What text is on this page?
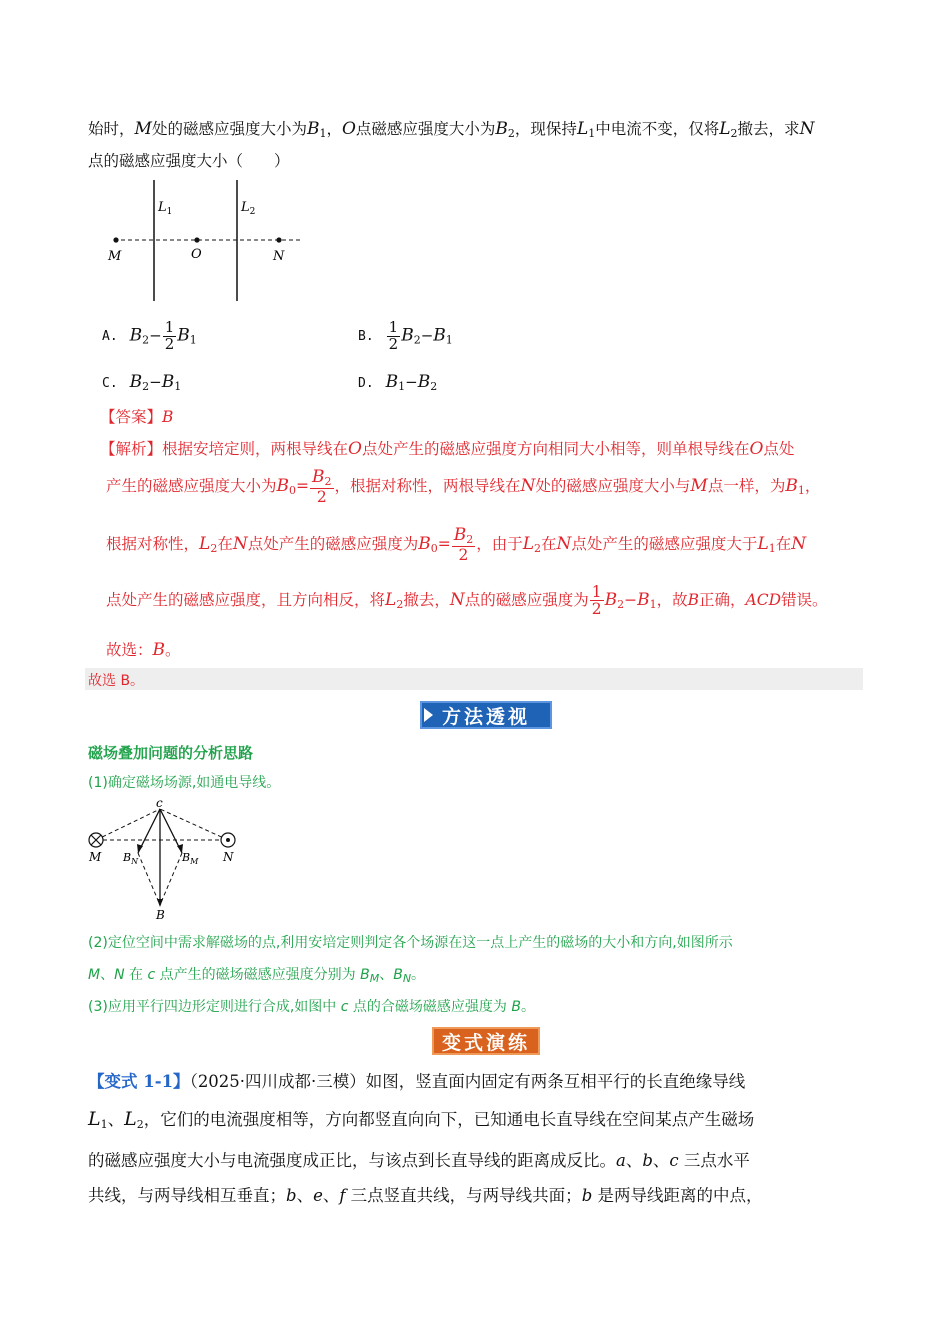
始时，M处的磁感应强度大小为$B_1$，O点磁感应强度大小为$B_2$，现保持$L_1$中电流不变，仅将$L_2$撤去，求N
点的磁感应强度大小（　　）
$L_1$	$L_2$
M	O	N
A. $B_2- \frac{1}{2} B_1$	B. $\frac{1}{2} B_2-B_1$
C. $B_2-B_1$	D. $B_1-B_2$
【答案】B
【解析】根据安培定则，两根导线在O点处产生的磁感应强度方向相同大小相等，则单根导线在O点处
产生的磁感应强度大小为$B_0= \frac{B_2}{2}$ ，根据对称性，两根导线在N处的磁感应强度大小与M点一样，为$B_1$，
根据对称性，$L_2$在N点处产生的磁感应强度为$B_0= \frac{B_2}{2}$ ，由于$L_2$在N点处产生的磁感应强度大于$L_1$在N
点处产生的磁感应强度，且方向相反，将$L_2$撤去，N点的磁感应强度为 $\frac{1}{2} B_2-B_1$，故B正确，ACD错误。
故选：B。
故选 B。
方法透视
磁场叠加问题的分析思路
(1)确定磁场场源,如通电导线。
c
M	N
$B_N$	$B_M$
B
(2)定位空间中需求解磁场的点,利用安培定则判定各个场源在这一点上产生的磁场的大小和方向,如图所示
M、N 在 c 点产生的磁场磁感应强度分别为 $B_M$、$B_N$。
(3)应用平行四边形定则进行合成,如图中 c 点的合磁场磁感应强度为 B。
变式演练
【变式 1-1】（2025·四川成都·三模）如图，竖直面内固定有两条互相平行的长直绝缘导线
$L_1$、$L_2$，它们的电流强度相等，方向都竖直向向下，已知通电长直导线在空间某点产生磁场
的磁感应强度大小与电流强度成正比，与该点到长直导线的距离成反比。a、b、c 三点水平
共线，与两导线相互垂直；b、e、f 三点竖直共线，与两导线共面；b 是两导线距离的中点，
